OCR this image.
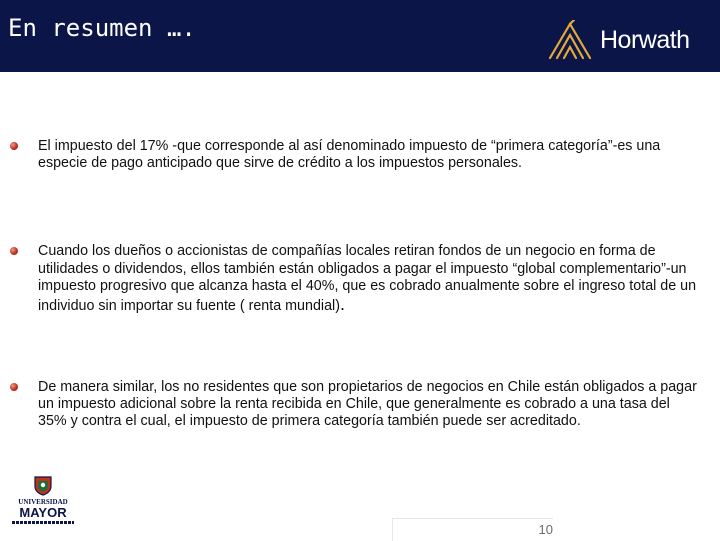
En resumen ….	Horwath
El impuesto del 17% -que corresponde al así denominado impuesto de “primera categoría”-es una especie de pago anticipado que sirve de crédito a los impuestos personales.
Cuando los dueños o accionistas de compañías locales retiran fondos de un negocio en forma de utilidades o dividendos, ellos también están obligados a pagar el impuesto “global complementario”-un impuesto progresivo que alcanza hasta el 40%, que es cobrado anualmente sobre el ingreso total de un individuo sin importar su fuente ( renta mundial).
De manera similar, los no residentes que son propietarios de negocios en Chile están obligados a pagar un impuesto adicional sobre la renta recibida en Chile, que generalmente es cobrado a una tasa del 35% y contra el cual, el impuesto de primera categoría también puede ser acreditado.
UNIVERSIDAD
MAYOR
10
